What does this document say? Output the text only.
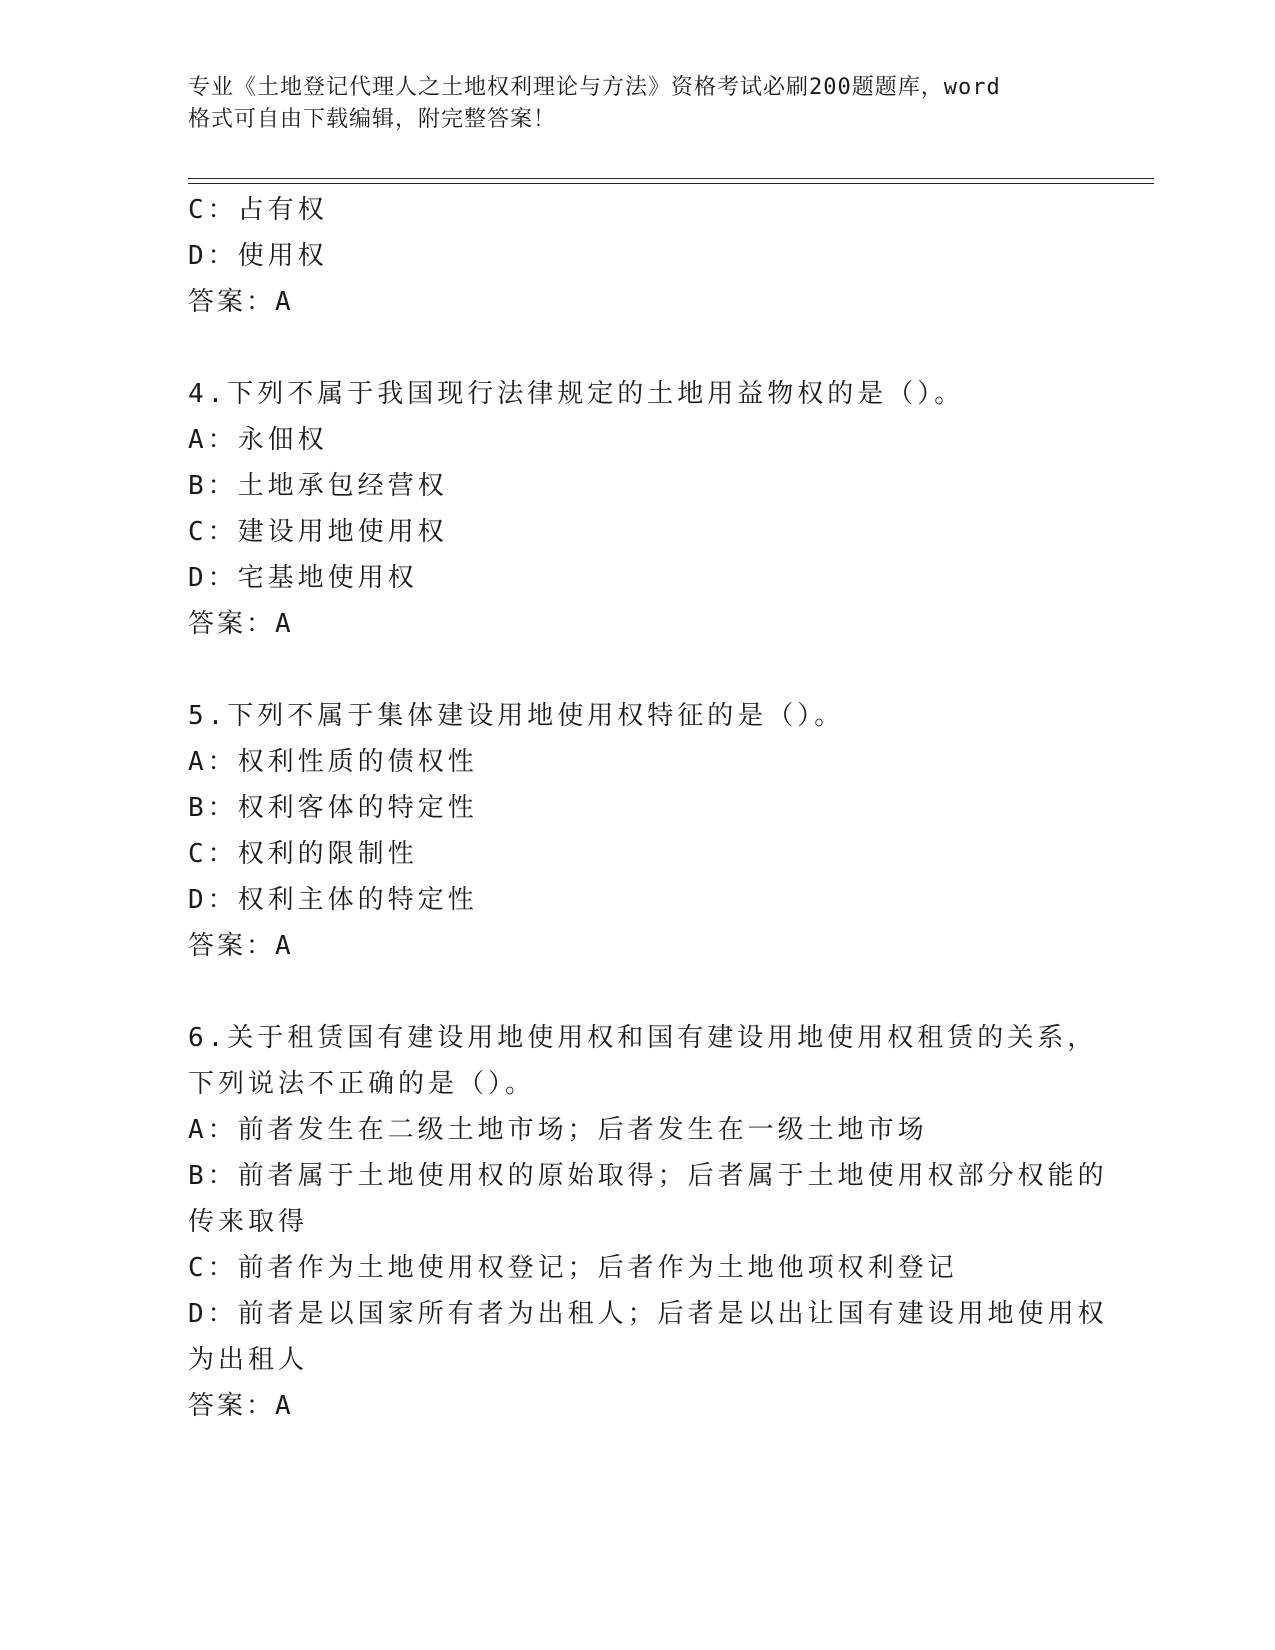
专业《土地登记代理人之土地权利理论与方法》资格考试必刷200题题库，word
格式可自由下载编辑，附完整答案！
C：占有权
D：使用权
答案：A
4.下列不属于我国现行法律规定的土地用益物权的是（）。
A：永佃权
B：土地承包经营权
C：建设用地使用权
D：宅基地使用权
答案：A
5.下列不属于集体建设用地使用权特征的是（）。
A：权利性质的债权性
B：权利客体的特定性
C：权利的限制性
D：权利主体的特定性
答案：A
6.关于租赁国有建设用地使用权和国有建设用地使用权租赁的关系，
下列说法不正确的是（）。
A：前者发生在二级土地市场；后者发生在一级土地市场
B：前者属于土地使用权的原始取得；后者属于土地使用权部分权能的
传来取得
C：前者作为土地使用权登记；后者作为土地他项权利登记
D：前者是以国家所有者为出租人；后者是以出让国有建设用地使用权
为出租人
答案：A
